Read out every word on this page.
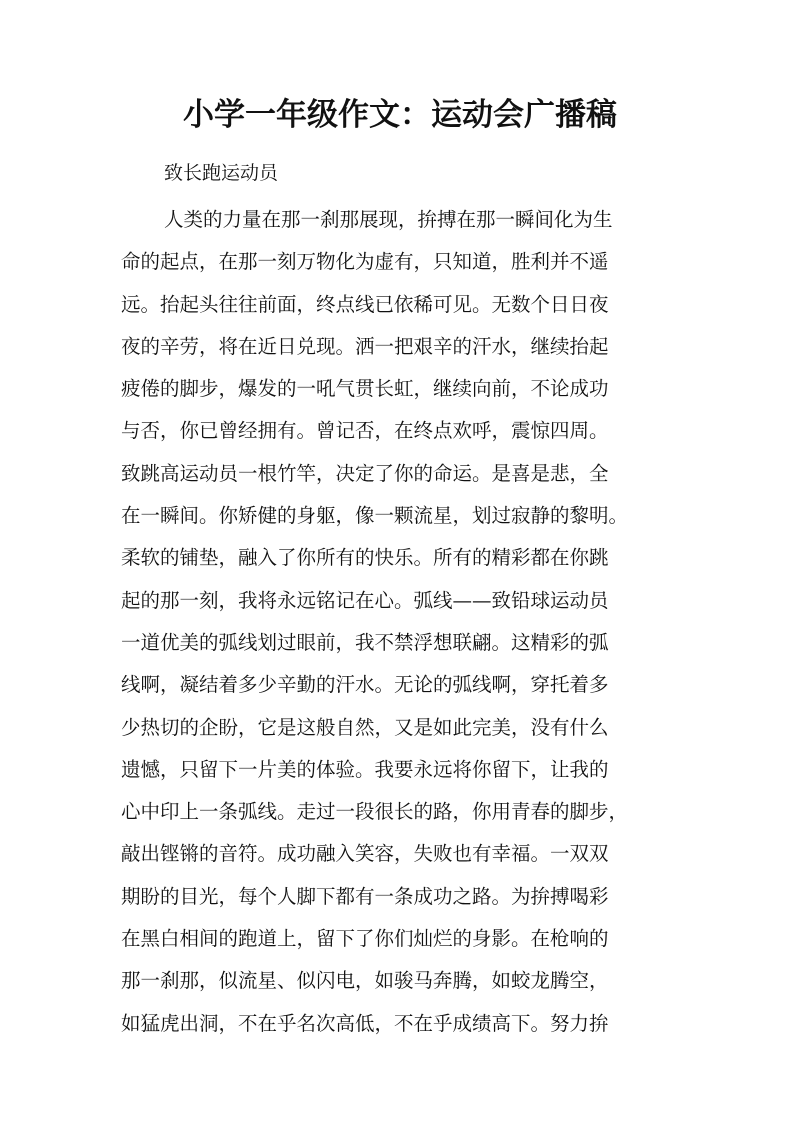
小学一年级作文：运动会广播稿

致长跑运动员

人类的力量在那一刹那展现，拚搏在那一瞬间化为生
命的起点，在那一刻万物化为虚有，只知道，胜利并不遥
远。抬起头往往前面，终点线已依稀可见。无数个日日夜
夜的辛劳，将在近日兑现。洒一把艰辛的汗水，继续抬起
疲倦的脚步，爆发的一吼气贯长虹，继续向前，不论成功
与否，你已曾经拥有。曾记否，在终点欢呼，震惊四周。
致跳高运动员一根竹竿，决定了你的命运。是喜是悲，全
在一瞬间。你矫健的身躯，像一颗流星，划过寂静的黎明。
柔软的铺垫，融入了你所有的快乐。所有的精彩都在你跳
起的那一刻，我将永远铭记在心。弧线——致铅球运动员
一道优美的弧线划过眼前，我不禁浮想联翩。这精彩的弧
线啊，凝结着多少辛勤的汗水。无论的弧线啊，穿托着多
少热切的企盼，它是这般自然，又是如此完美，没有什么
遗憾，只留下一片美的体验。我要永远将你留下，让我的
心中印上一条弧线。走过一段很长的路，你用青春的脚步，
敲出铿锵的音符。成功融入笑容，失败也有幸福。一双双
期盼的目光，每个人脚下都有一条成功之路。为拚搏喝彩
在黑白相间的跑道上，留下了你们灿烂的身影。在枪响的
那一刹那，似流星、似闪电，如骏马奔腾，如蛟龙腾空，
如猛虎出洞，不在乎名次高低，不在乎成绩高下。努力拚
